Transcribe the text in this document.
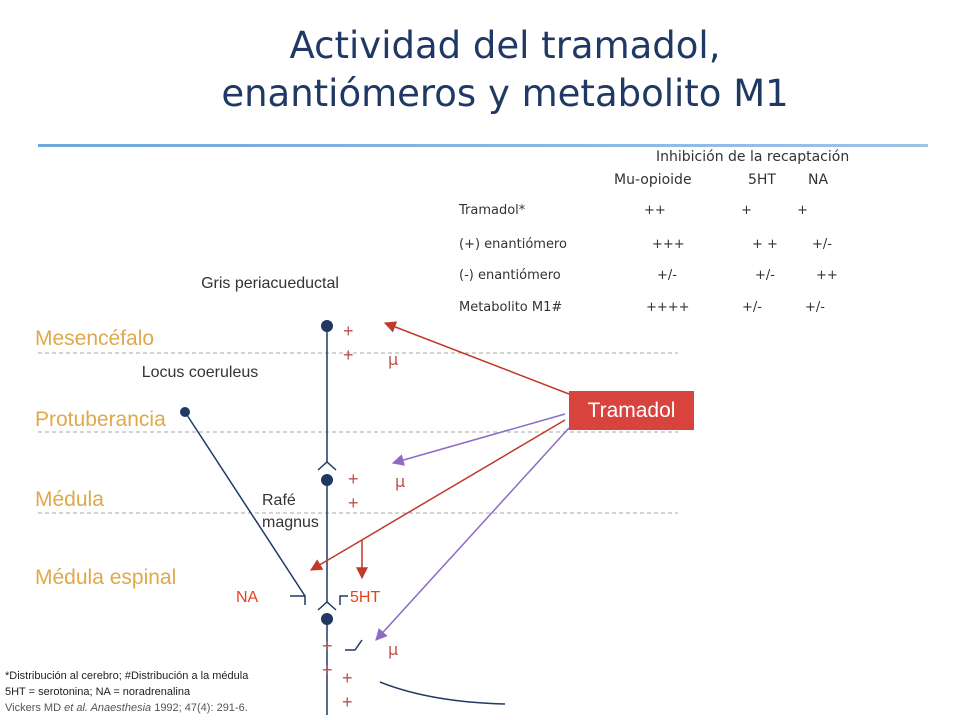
Actividad del tramadol,
enantiómeros y metabolito M1
Inhibición de la recaptación
Mu-opioide	5HT NA
Tramadol*	++	+	+
(+) enantiómero	+++	+ +	+/-
(-) enantiómero	+/-	+/-	++
Metabolito M1#	++++	+/-	+/-
Mesencéfalo
Protuberancia
Médula
Médula espinal
Gris periacueductal
Locus coeruleus
Rafé magnus
NA	5HT
+
+ μ
+
+
μ
+
+ +
+
μ
Tramadol
*Distribución al cerebro; #Distribución a la médula
5HT = serotonina; NA = noradrenalina
Vickers MD et al. Anaesthesia 1992; 47(4): 291-6.
